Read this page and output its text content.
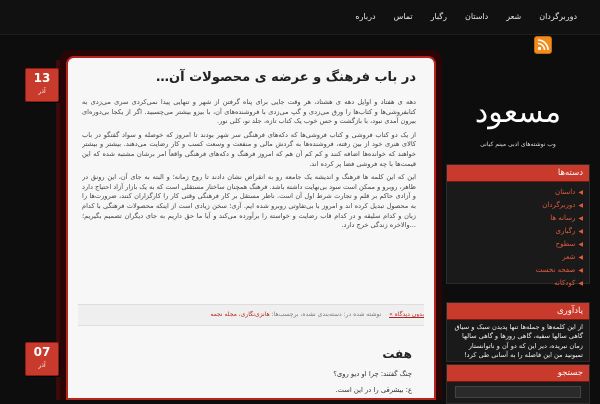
دوربرگردان
شعر
داستان
رگبار
تماس
درباره
13
آذر
07
آذر
در باب فرهنگ و عرضه ی محصولات آن…

دهه ی هفتاد و اوایل دهه ی هشتاد، هر وقت جایی برای پناه گرفتن از شهر و تنهایی پیدا نمی‌کردی سری می‌زدی به کتابفروشی‌ها و کتاب‌ها را ورق می‌زدی و گپ می‌زدی با فروشنده‌های آن، با بیزو بیشتر می‌چسبید. اگر از یکجا بی‌دوره‌ای بیرون آمدی نبود، با بازگشت و حس خوب یک کتاب تازه، جلد نو، کلی نور.

از یک دو کتاب فروشی و کتاب فروشی‌ها که دکه‌های فرهنگی سر شهر بودند تا امروز که خوصله و سواد گفتگو در باب کالای هنری خود از بین رفته، فروشنده‌ها به گردش مالی و منفعت و وسعت کسب و کار رضایت می‌دهند. بیشتر و بیشتر خواهند که خوانده‌ها اضافه کنند و کم کم آن هم که امروز فرهنگ و دکه‌های فرهنگی واقعاً امر برشان مشتبه شده که این قیمت‌ها با چه فروشی فضا پر کرده اند.

این که این کلمه ها فرهنگ و اندیشه یک جامعه رو به انقراض نشان دادند تا روح زمانه؛ و البته به جای آن، این رونق در ظاهر، روبرو و ممکن است سود بی‌نهایت داشته باشد. فرهنگ همچنان ساختار مستقلی است که به یک بازار آزاد احتیاج دارد و آزادی حاکم بر قلم و تجارت شرط اول آن است. ناظر مستقل بر کار فرهنگی وقتی کار را کارگزاران کنند، ضرورت‌ها را به محصول تبدیل کرده اند و امروز با بی‌تفاوتی روبرو شده ایم. آری؛ سخن زیادی است از اینکه محصولات فرهنگی با کدام زبان و کدام سلیقه و در کدام قاب رضایت و خواسته را برآورده می‌کند و آیا ما حق داریم به جای دیگران تصمیم بگیریم؛ ...والاخره زندگی خرج دارد.

بدون دیدگاه » نوشته شده در: دسته‌بندی نشده، برچسب‌ها: هانزی‌نگاری، مجله نجمه
هفت
چنگ گفتند: چرا او دیو روی؟
ع: بیشرقی را در این است.
مسعود
وب نوشته‌های ادبی مینم کیانی
دسته‌ها
◀داستان
◀دوربرگردان
◀رسانه ها
◀رگباری
◀سطوح
◀شعر
◀صفحه نخست
◀کودکانه
یادآوری
از این کلمه‌ها و جمله‌ها تنها پدیدن سبک و سیاق گاهی سالها سفیه، گاهی رورها و گاهی سالها زمان نبریده، دیر این که دو آن و ناتوانستار تمبونید من این فاصله را به آسانی طی کرد!
جستجو
